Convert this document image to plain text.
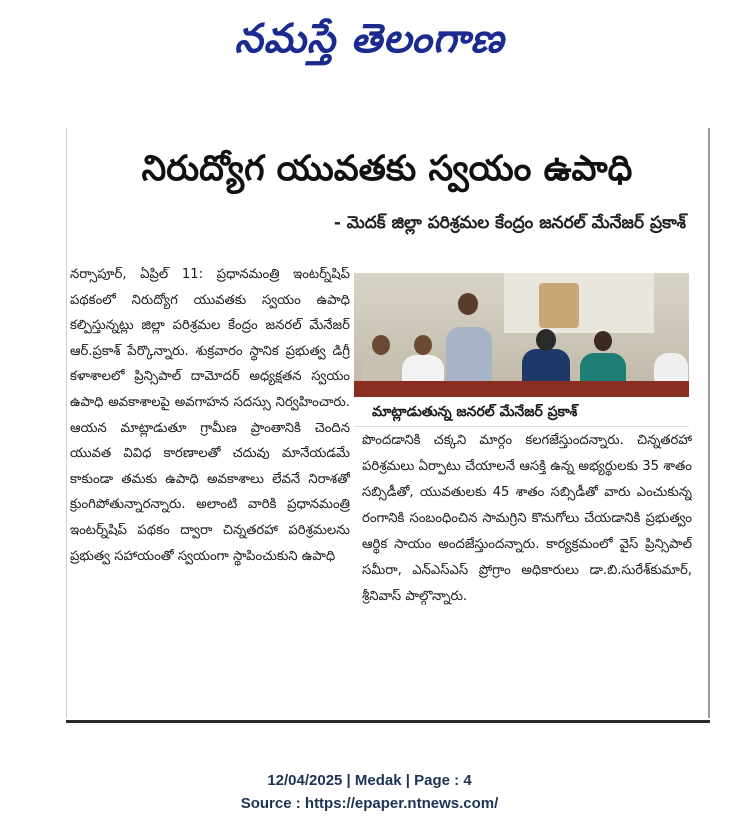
నమస్తే తెలంగాణ
నిరుద్యోగ యువతకు స్వయం ఉపాధి
- మెదక్ జిల్లా పరిశ్రమల కేంద్రం జనరల్ మేనేజర్ ప్రకాశ్
నర్సాపూర్, ఏప్రిల్ 11: ప్రధానమంత్రి ఇంటర్న్‌షిప్ పథకంలో నిరుద్యోగ యువతకు స్వయం ఉపాధి కల్పిస్తున్నట్లు జిల్లా పరిశ్రమల కేంద్రం జనరల్ మేనేజర్ ఆర్.ప్రకాశ్ పేర్కొన్నారు. శుక్రవారం స్థానిక ప్రభుత్వ డిగ్రీ కళాశాలలో ప్రిన్సిపాల్ దామోదర్ అధ్యక్షతన స్వయం ఉపాధి అవకాశాలపై అవగాహన సదస్సు నిర్వహించారు. ఆయన మాట్లాడుతూ గ్రామీణ ప్రాంతానికి చెందిన యువత వివిధ కారణాలతో చదువు మానేయడమే కాకుండా తమకు ఉపాధి అవకాశాలు లేవనే నిరాశతో క్రుంగిపోతున్నారన్నారు. అలాంటి వారికి ప్రధానమంత్రి ఇంటర్న్‌షిప్ పథకం ద్వారా చిన్నతరహా పరిశ్రమలను ప్రభుత్వ సహాయంతో స్వయంగా స్థాపించుకుని ఉపాధి
మాట్లాడుతున్న జనరల్ మేనేజర్ ప్రకాశ్
పొందడానికి చక్కని మార్గం కలగజేస్తుందన్నారు. చిన్నతరహా పరిశ్రమలు ఏర్పాటు చేయాలనే ఆసక్తి ఉన్న అభ్యర్థులకు 35 శాతం సబ్సిడీతో, యువతులకు 45 శాతం సబ్సిడీతో వారు ఎంచుకున్న రంగానికి సంబంధించిన సామగ్రిని కొనుగోలు చేయడానికి ప్రభుత్వం ఆర్థిక సాయం అందజేస్తుందన్నారు. కార్యక్రమంలో వైస్ ప్రిన్సిపాల్ సమీరా, ఎన్ఎస్ఎస్ ప్రోగ్రాం అధికారులు డా.బి.సురేశ్‌కుమార్, శ్రీనివాస్ పాల్గొన్నారు.
12/04/2025 | Medak | Page : 4
Source : https://epaper.ntnews.com/
